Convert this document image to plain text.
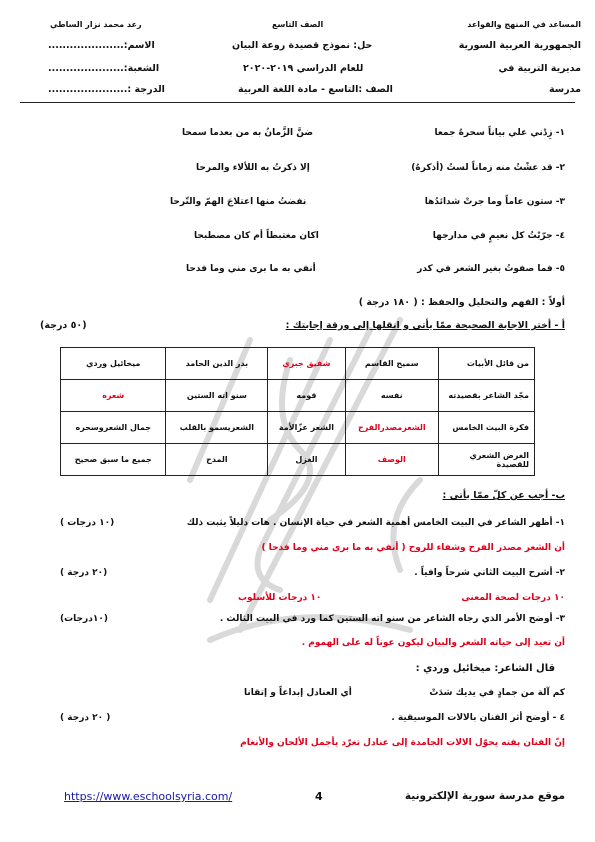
المساعد في المنهج والقواعد
الصف التاسع
رعد محمد نزار الساطي
الجمهورية العربية السورية
حل: نموذج قصيدة روعة البيان
الاسم:.....................
مديرية التربية في
للعام الدراسي ٢٠١٩-٢٠٢٠
الشعبة:.....................
مدرسة
الصف :التاسع - مادة اللغة العربية
الدرجة :......................
١- زِدْني علي بياناً سحرهُ جمعا
ضنَّ الزَّمانُ به من بعدما سمحا
٢- قد عشْتُ منه زماناً لستُ (أذكرهُ)
إلا ذكرتُ به اللألاء والمرحا
٣- ستون عاماً وما جرتْ شدائدُها
نفضتُ منها اعتلاجَ الهمّ والتّرحا
٤- جرّبْتُ كل نعيمٍ في مدارجها
اكان مغتبطاً أم كان مصطبحا
٥- فما صفوتُ بغير الشعر في كدر
أنفي به ما برى مني وما فدحا
أولاً : الفهم والتحليل والحفظ : ( ١٨٠ درجة )
أ - أختر الاجابة الصحيحة ممّا يأتي و انقلها إلى ورقة إجابتك :
(٥٠ درجة)
من قائل الأبيات	سميح القاسم	شفيق جبري	بدر الدين الحامد	ميخائيل وردي
مجّد الشاعر بقصيدته	نفسه	قومه	سنو اته الستين	شعره
فكرة البيت الخامس	الشعرمصدرالفرح	الشعر عزّالأمة	الشعريسمو بالقلب	جمال الشعروسحره
الغرض الشعري للقصيدة	الوصف	الغزل	المدح	جميع ما سبق صحيح
ب- أجب عن كلّ ممّا يأتي :
١- أظهر الشاعر في البيت الخامس أهمية الشعر في حياة الإنسان . هات دليلاً يثبت ذلك
(١٠ درجات )
أن الشعر مصدر الفرح وشفاء للروح ( أنفي به ما برى مني وما فدحا )
٢- أشرح البيت الثاني شرحاً وافياً .
(٢٠ درجة )
١٠ درجات لصحة المعنى
١٠ درجات للأسلوب
٣- أوضح الأمر الذي رجاه الشاعر من سنو اته الستين كما ورد في البيت الثالث .
(١٠درجات)
أن تعيد إلى حياته الشعر والبيان ليكون عوناً له على الهموم .
قال الشاعر: ميخائيل وردي :
كم آلة من جمادٍ في يديك شدَتْ
أي العنادل إبداعاً و إتقانا
٤ - أوضح أثر الفنان بالالات الموسيقية .
( ٢٠ درجة )
إنّ الفنان بفنه يحوّل الالات الجامدة إلى عنادل تغرّد بأجمل الألحان والأنغام
موقع مدرسة سورية الإلكترونية
4
https://www.eschoolsyria.com/
